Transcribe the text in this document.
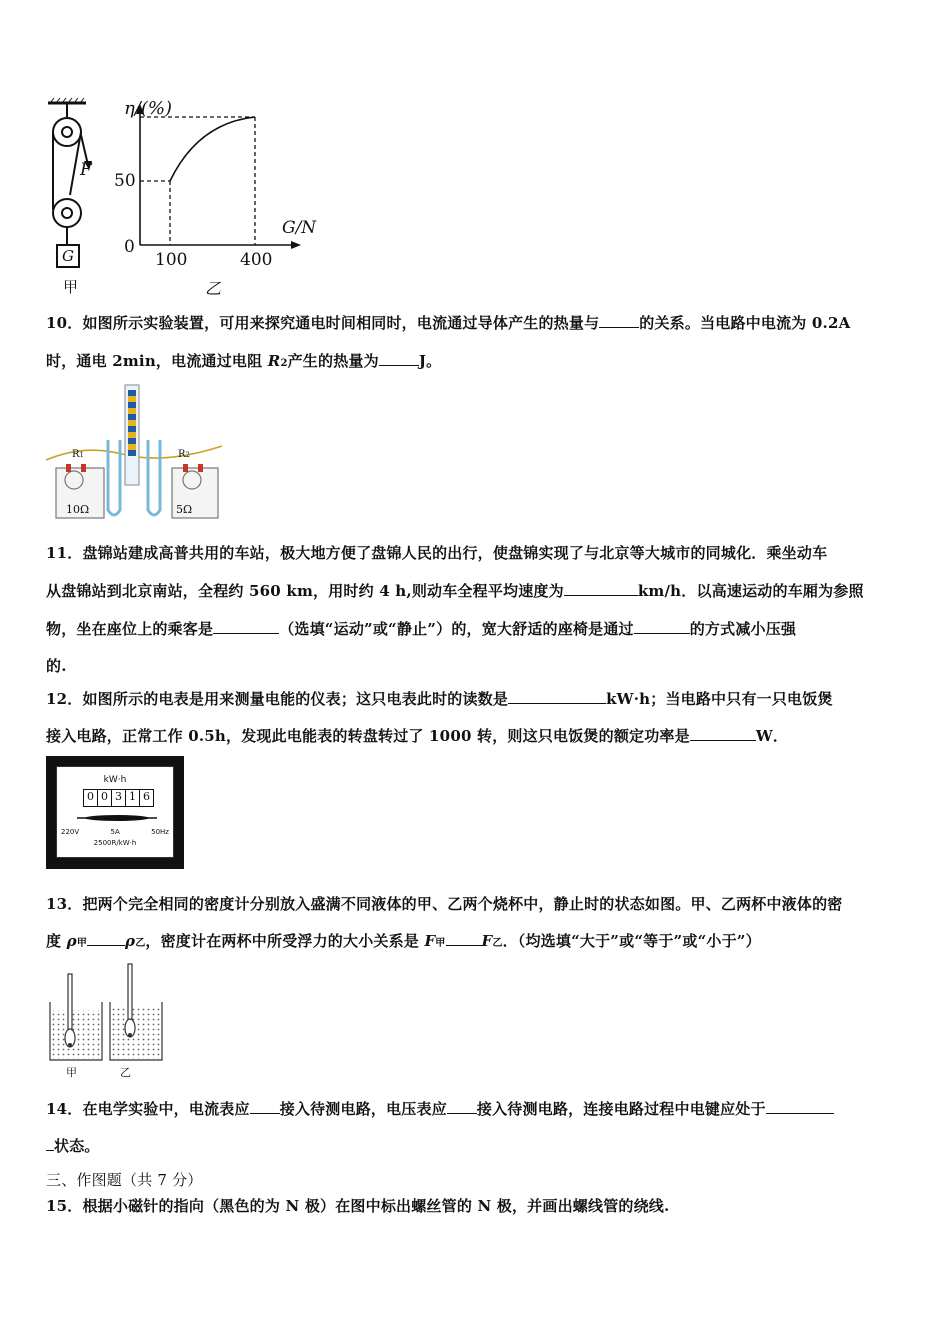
F
G
甲
η/(%)
G/N
50
0
100	400
乙
10．如图所示实验装置，可用来探究通电时间相同时，电流通过导体产生的热量与	的关系。当电路中电流为 0.2A
时，通电 2min，电流通过电阻 R2产生的热量为	J。
R1	R2
10Ω	5Ω
11．盘锦站建成高普共用的车站，极大地方便了盘锦人民的出行，使盘锦实现了与北京等大城市的同城化．乘坐动车
从盘锦站到北京南站，全程约 560 km，用时约 4 h,则动车全程平均速度为	km/h．以高速运动的车厢为参照
物，坐在座位上的乘客是	（选填“运动”或“静止”）的，宽大舒适的座椅是通过	的方式减小压强
的.
12．如图所示的电表是用来测量电能的仪表；这只电表此时的读数是	kW·h；当电路中只有一只电饭煲
接入电路，正常工作 0.5h，发现此电能表的转盘转过了 1000 转，则这只电饭煲的额定功率是	W．
kW·h
0 0 3 1 6
220V	5A	50Hz
2500R/kW·h
13．把两个完全相同的密度计分别放入盛满不同液体的甲、乙两个烧杯中，静止时的状态如图。甲、乙两杯中液体的密
度 ρ甲	ρ乙，密度计在两杯中所受浮力的大小关系是 F甲 F乙．（均选填“大于”或“等于”或“小于”）
甲	乙
14．在电学实验中，电流表应 接入待测电路，电压表应 接入待测电路，连接电路过程中电键应处于
状态。
三、作图题（共 7 分）
15．根据小磁针的指向（黑色的为 N 极）在图中标出螺丝管的 N 极，并画出螺线管的绕线.
